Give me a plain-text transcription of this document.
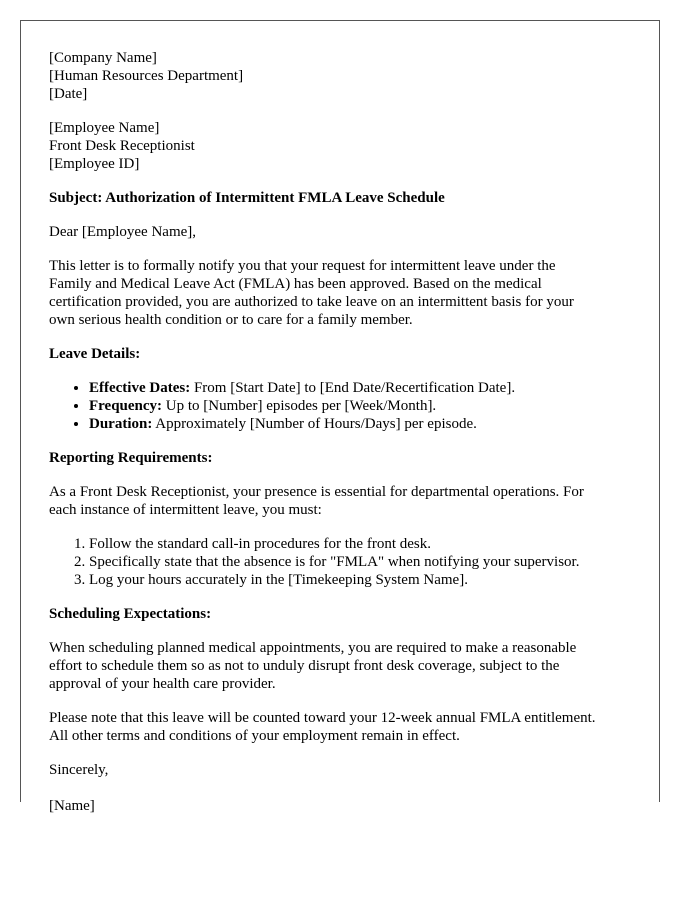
[Company Name]
[Human Resources Department]
[Date]
[Employee Name]
Front Desk Receptionist
[Employee ID]

Subject: Authorization of Intermittent FMLA Leave Schedule

Dear [Employee Name],

This letter is to formally notify you that your request for intermittent leave under the
Family and Medical Leave Act (FMLA) has been approved. Based on the medical
certification provided, you are authorized to take leave on an intermittent basis for your
own serious health condition or to care for a family member.

Leave Details:

• Effective Dates: From [Start Date] to [End Date/Recertification Date].
• Frequency: Up to [Number] episodes per [Week/Month].
• Duration: Approximately [Number of Hours/Days] per episode.

Reporting Requirements:

As a Front Desk Receptionist, your presence is essential for departmental operations. For
each instance of intermittent leave, you must:

1. Follow the standard call-in procedures for the front desk.
2. Specifically state that the absence is for "FMLA" when notifying your supervisor.
3. Log your hours accurately in the [Timekeeping System Name].

Scheduling Expectations:

When scheduling planned medical appointments, you are required to make a reasonable
effort to schedule them so as not to unduly disrupt front desk coverage, subject to the
approval of your health care provider.

Please note that this leave will be counted toward your 12-week annual FMLA entitlement.
All other terms and conditions of your employment remain in effect.

Sincerely,

[Name]
